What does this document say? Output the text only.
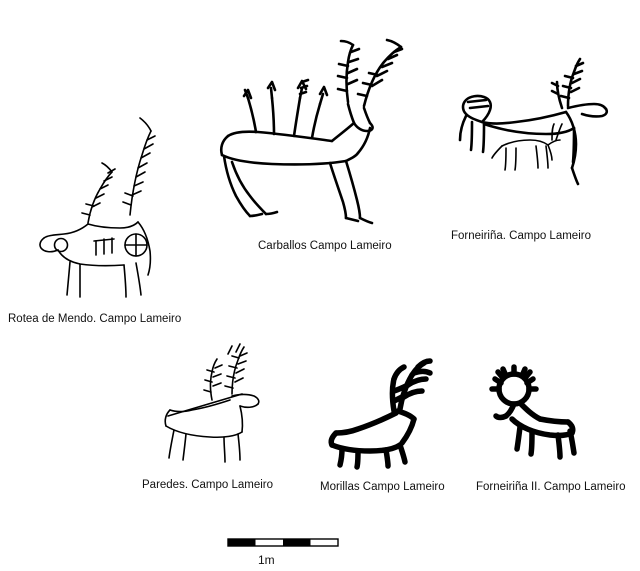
Rotea de Mendo. Campo Lameiro
Carballos Campo Lameiro
Forneiriña. Campo Lameiro
Paredes. Campo Lameiro	Morillas Campo Lameiro	Forneiriña II. Campo Lameiro
1m
